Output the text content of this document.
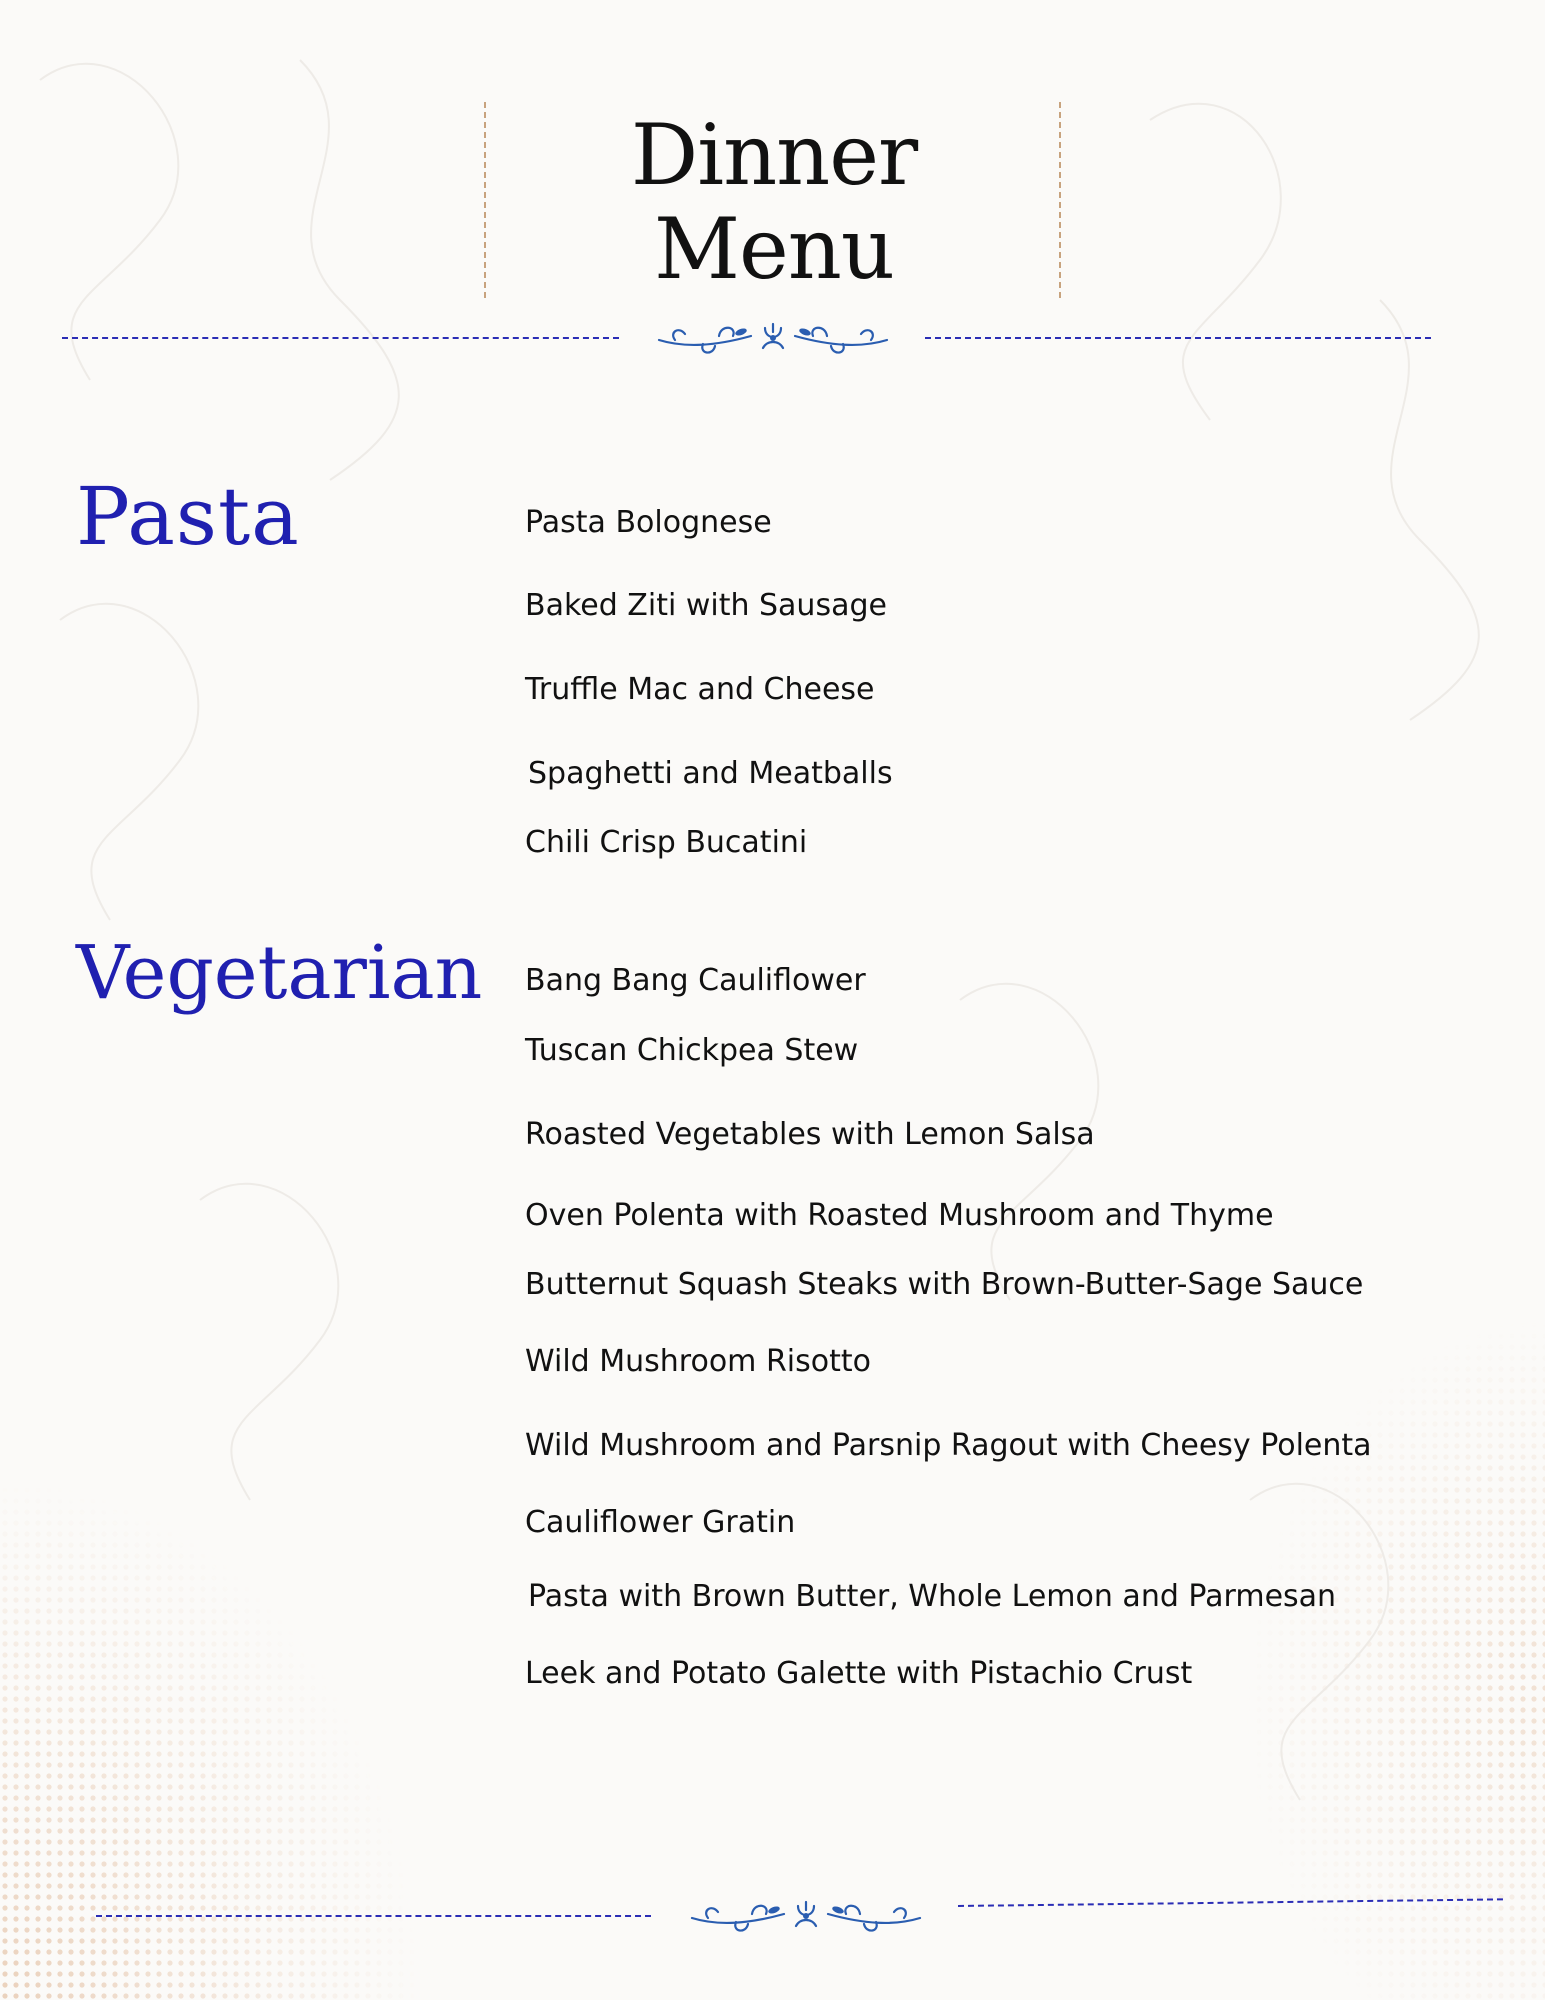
Dinner
Menu
Pasta	Pasta Bolognese
Baked Ziti with Sausage
Truffle Mac and Cheese
Spaghetti and Meatballs
Chili Crisp Bucatini
Vegetarian Bang Bang Cauliflower
Tuscan Chickpea Stew
Roasted Vegetables with Lemon Salsa
Oven Polenta with Roasted Mushroom and Thyme
Butternut Squash Steaks with Brown-Butter-Sage Sauce
Wild Mushroom Risotto
Wild Mushroom and Parsnip Ragout with Cheesy Polenta
Cauliflower Gratin
Pasta with Brown Butter, Whole Lemon and Parmesan
Leek and Potato Galette with Pistachio Crust
